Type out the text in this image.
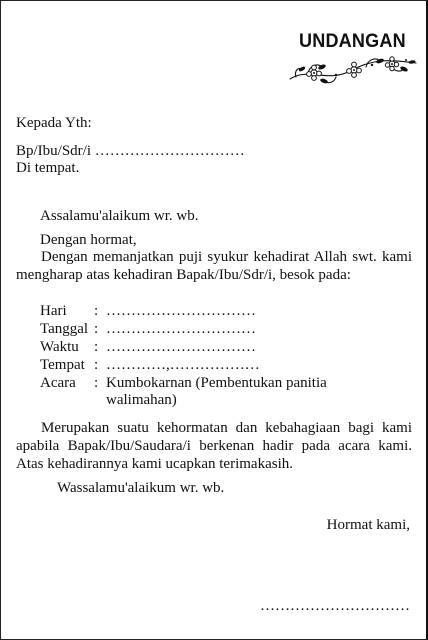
UNDANGAN
Kepada Yth:
Bp/Ibu/Sdr/i …………………………
Di tempat.
Assalamu'alaikum wr. wb.
Dengan hormat,
Dengan memanjatkan puji syukur kehadirat Allah swt. kami mengharap atas kehadiran Bapak/Ibu/Sdr/i, besok pada:
Hari : …………………………
Tanggal : …………………………
Waktu : …………………………
Tempat : …………,………………
Acara : Kumbokarnan (Pembentukan panitia
walimahan)
Merupakan suatu kehormatan dan kebahagiaan bagi kami apabila Bapak/Ibu/Saudara/i berkenan hadir pada acara kami. Atas kehadirannya kami ucapkan terimakasih.
Wassalamu'alaikum wr. wb.
Hormat kami,
…………………………
